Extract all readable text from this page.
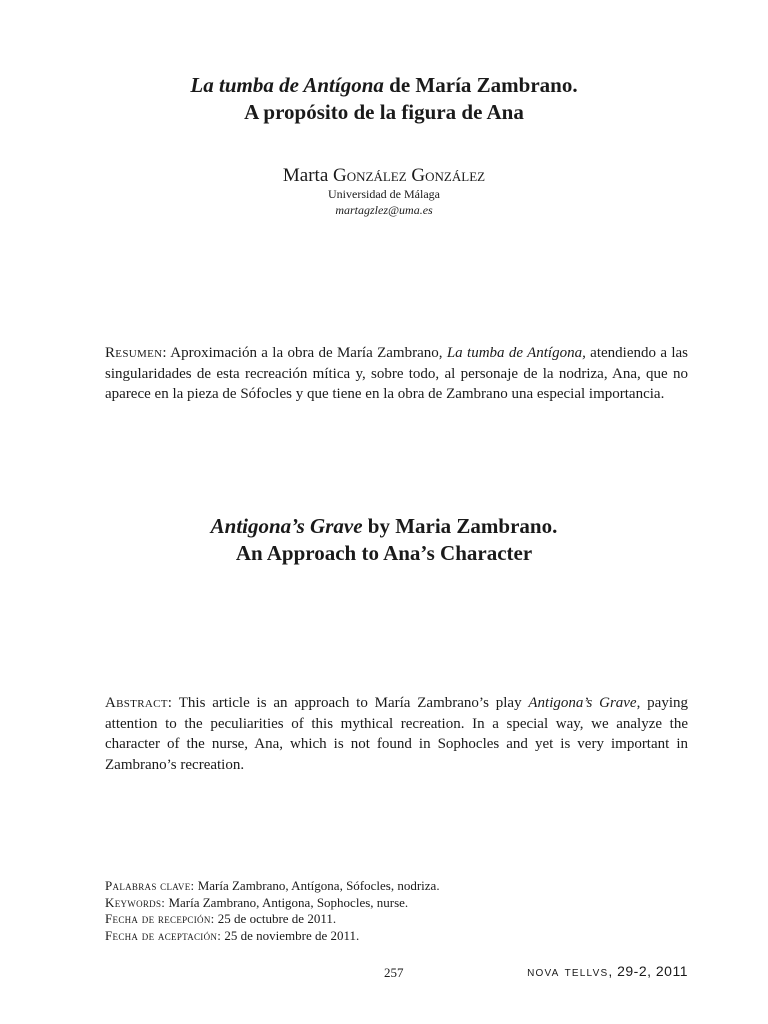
La tumba de Antígona de María Zambrano.
A propósito de la figura de Ana
Marta González González
Universidad de Málaga
martagzlez@uma.es
Resumen: Aproximación a la obra de María Zambrano, La tumba de Antígona, atendiendo a las singularidades de esta recreación mítica y, sobre todo, al personaje de la nodriza, Ana, que no aparece en la pieza de Sófocles y que tiene en la obra de Zambrano una especial importancia.
Antigona’s Grave by Maria Zambrano.
An Approach to Ana’s Character
Abstract: This article is an approach to María Zambrano’s play Antigona’s Grave, paying attention to the peculiarities of this mythical recreation. In a special way, we analyze the character of the nurse, Ana, which is not found in Sophocles and yet is very important in Zambrano’s recreation.
Palabras clave: María Zambrano, Antígona, Sófocles, nodriza.
Keywords: María Zambrano, Antigona, Sophocles, nurse.
Fecha de recepción: 25 de octubre de 2011.
Fecha de aceptación: 25 de noviembre de 2011.
257	nova tellvs, 29-2, 2011
